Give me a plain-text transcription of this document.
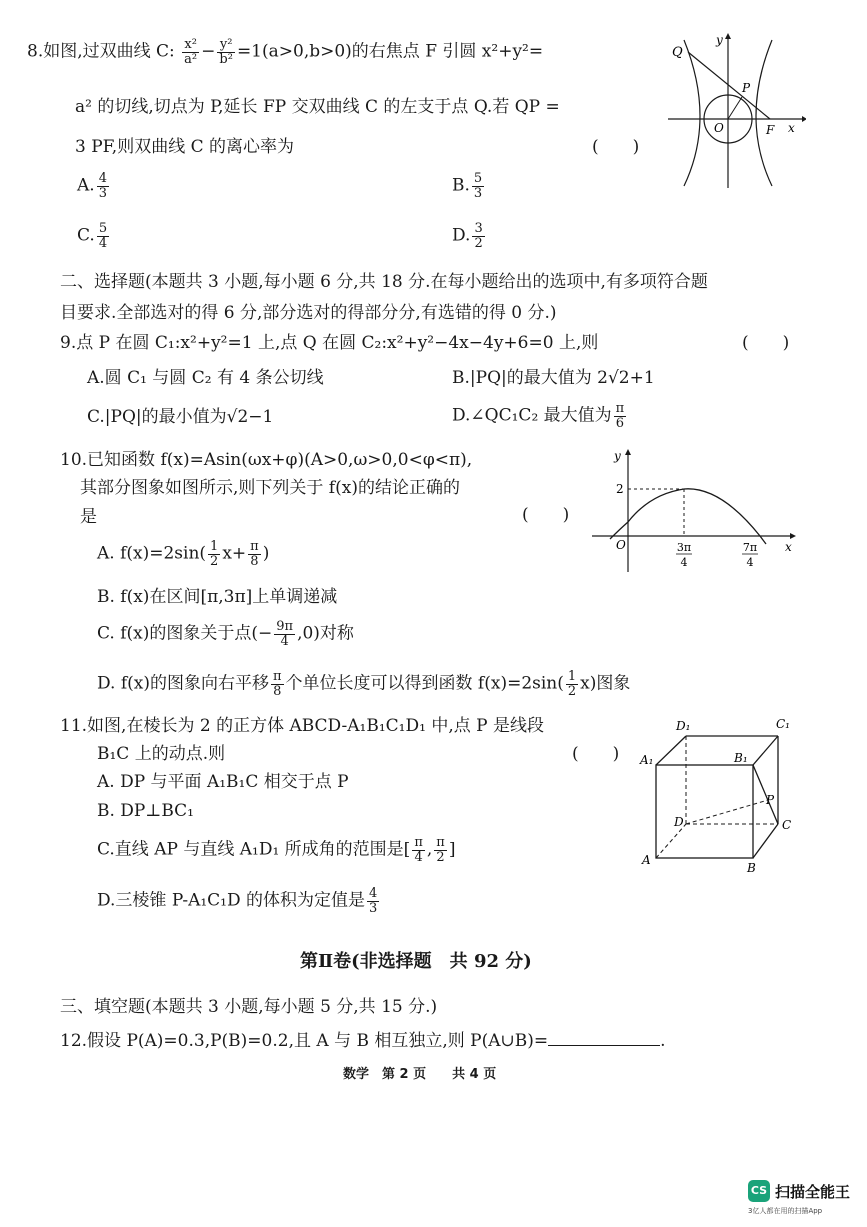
8.如图,过双曲线 C: $\frac{\text{x²}}{\text{a²}} - \frac{\text{y²}}{\text{b²}} =1(a>0,b>0)$的右焦点 F 引圆 x²+y²=
a² 的切线,切点为 P,延长 FP 交双曲线 C 的左支于点 Q.若 QP =
3 PF,则双曲线 C 的离心率为	(　　)
A. $\frac{4}{3}$	B. $\frac{5}{3}$
C. $\frac{5}{4}$	D. $\frac{3}{2}$
Q
P
O	F x
y
二、选择题(本题共 3 小题,每小题 6 分,共 18 分.在每小题给出的选项中,有多项符合题
目要求.全部选对的得 6 分,部分选对的得部分分,有选错的得 0 分.)
9.点 P 在圆 C₁:x²+y²=1 上,点 Q 在圆 C₂:x²+y²−4x−4y+6=0 上,则	(　　)
A.圆 C₁ 与圆 C₂ 有 4 条公切线	B.|PQ|的最大值为 2√2+1
C.|PQ|的最小值为√2−1	D.∠QC₁C₂ 最大值为 $\frac{\pi}{6}$
10.已知函数 f(x)=Asin(ωx+φ)(A>0,ω>0,0<φ<π),
其部分图象如图所示,则下列关于 f(x)的结论正确的
是	(　　)
A. $f(x)=2\sin( \frac{1}{2} x+ \frac{\pi}{8}$ )
B. f(x)在区间[π,3π]上单调递减
C. f(x)的图象关于点(− $\frac{9\pi}{4} ,0$)对称
D. f(x)的图象向右平移 $\frac{\pi}{8}$ 个单位长度可以得到函数 $f(x)=2\sin( \frac{1}{2} x)$图象
2
O
y
x
3π
4
7π
4
11.如图,在棱长为 2 的正方体 ABCD-A₁B₁C₁D₁ 中,点 P 是线段
B₁C 上的动点.则	(　　)
A. DP 与平面 A₁B₁C 相交于点 P
B. DP⊥BC₁
C.直线 AP 与直线 A₁D₁ 所成角的范围是[ $\frac{\pi}{4}$ , $\frac{\pi}{2}$ ]
D.三棱锥 P-A₁C₁D 的体积为定值是 $\frac{4}{3}$
D₁	C₁
A₁	B₁
P
D	C
A
B
第Ⅱ卷(非选择题　共 92 分)
三、填空题(本题共 3 小题,每小题 5 分,共 15 分.)
12.假设 P(A)=0.3,P(B)=0.2,且 A 与 B 相互独立,则 P(A∪B)=	.
数学　第 2 页　　共 4 页
CS 扫描全能王
3亿人都在用的扫描App
